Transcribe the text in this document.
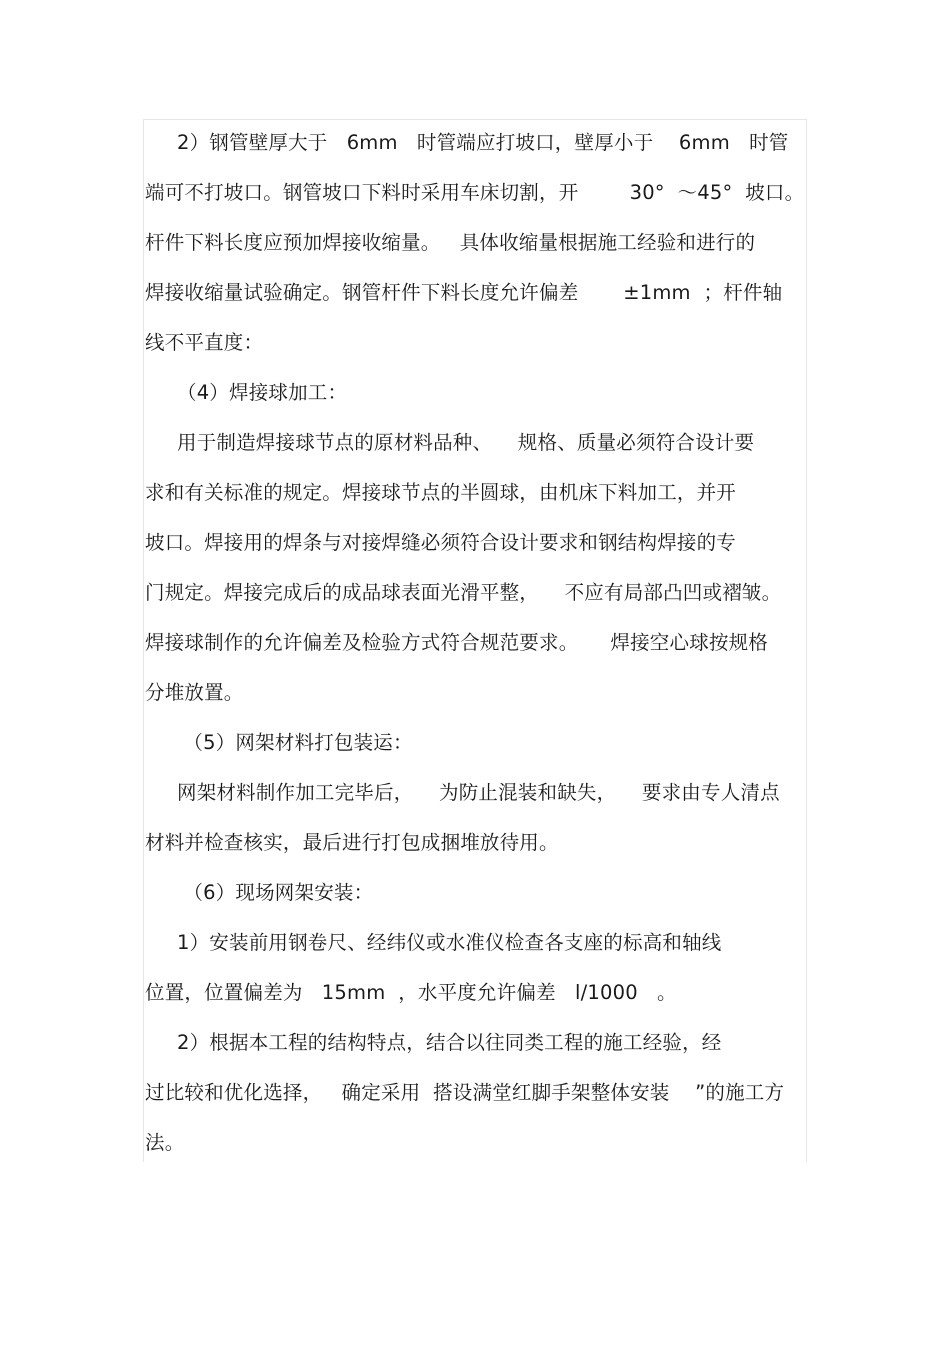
2）钢管壁厚大于   6mm   时管端应打坡口，壁厚小于    6mm   时管
端可不打坡口。钢管坡口下料时采用车床切割，开        30°  ～45°  坡口。
杆件下料长度应预加焊接收缩量。   具体收缩量根据施工经验和进行的
焊接收缩量试验确定。钢管杆件下料长度允许偏差       ±1mm  ；杆件轴
线不平直度：
（4）焊接球加工：
用于制造焊接球节点的原材料品种、    规格、质量必须符合设计要
求和有关标准的规定。焊接球节点的半圆球，由机床下料加工，并开
坡口。焊接用的焊条与对接焊缝必须符合设计要求和钢结构焊接的专
门规定。焊接完成后的成品球表面光滑平整，    不应有局部凸凹或褶皱。
焊接球制作的允许偏差及检验方式符合规范要求。     焊接空心球按规格
分堆放置。
（5）网架材料打包装运：
网架材料制作加工完毕后，    为防止混装和缺失，    要求由专人清点
材料并检查核实，最后进行打包成捆堆放待用。
（6）现场网架安装：
1）安装前用钢卷尺、经纬仪或水准仪检查各支座的标高和轴线
位置，位置偏差为   15mm  ，水平度允许偏差   l/1000   。
2）根据本工程的结构特点，结合以往同类工程的施工经验，经
过比较和优化选择，   确定采用  搭设满堂红脚手架整体安装    ”的施工方
法。
